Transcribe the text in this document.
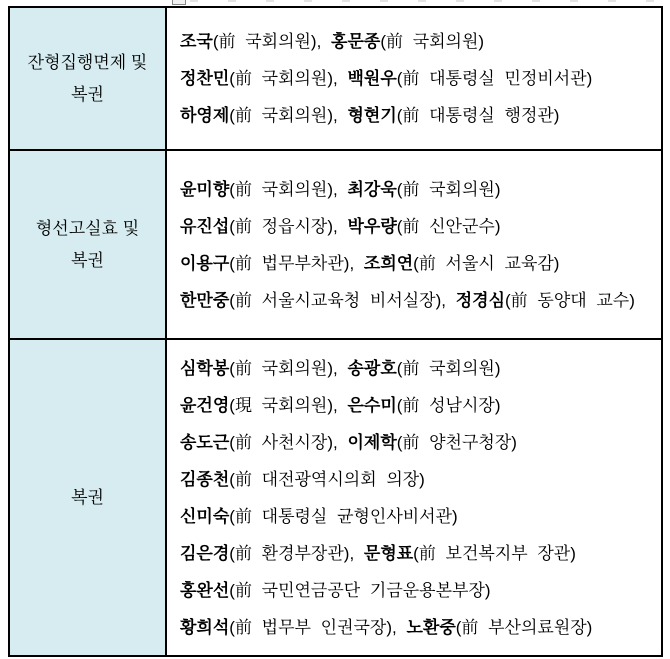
잔형집행면제 및
복권

조국(前 국회의원), 홍문종(前 국회의원)
정찬민(前 국회의원), 백원우(前 대통령실 민정비서관)
하영제(前 국회의원), 형현기(前 대통령실 행정관)

형선고실효 및
복권

윤미향(前 국회의원), 최강욱(前 국회의원)
유진섭(前 정읍시장), 박우량(前 신안군수)
이용구(前 법무부차관), 조희연(前 서울시 교육감)
한만중(前 서울시교육청 비서실장), 정경심(前 동양대 교수)

복권

심학봉(前 국회의원), 송광호(前 국회의원)
윤건영(現 국회의원), 은수미(前 성남시장)
송도근(前 사천시장), 이제학(前 양천구청장)
김종천(前 대전광역시의회 의장)
신미숙(前 대통령실 균형인사비서관)
김은경(前 환경부장관), 문형표(前 보건복지부 장관)
홍완선(前 국민연금공단 기금운용본부장)
황희석(前 법무부 인권국장), 노환중(前 부산의료원장)
